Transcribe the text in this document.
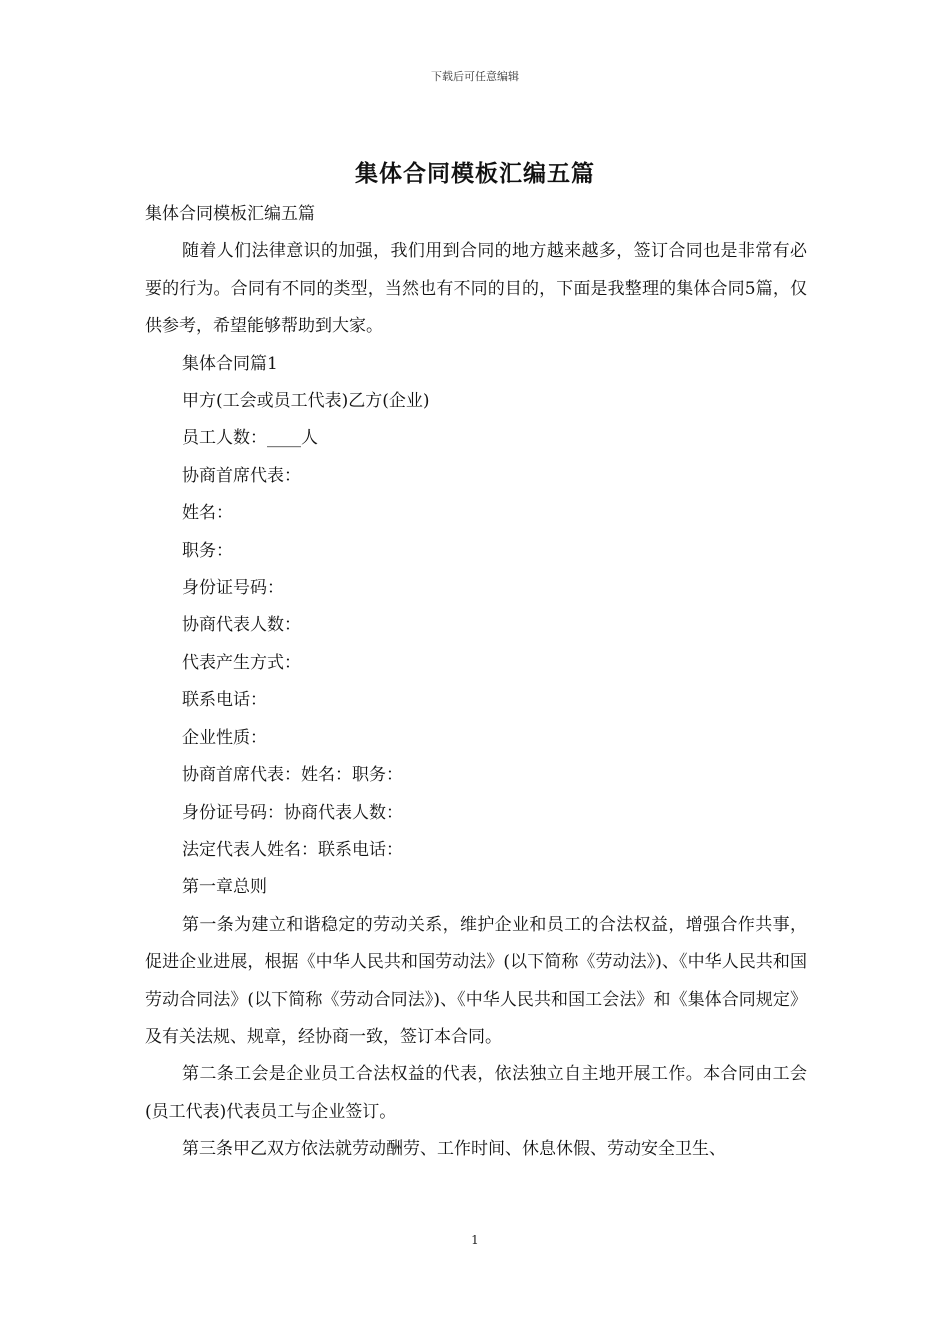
下载后可任意编辑
集体合同模板汇编五篇

集体合同模板汇编五篇

随着人们法律意识的加强，我们用到合同的地方越来越多，签订合同也是非常有必要的行为。合同有不同的类型，当然也有不同的目的，下面是我整理的集体合同5篇，仅供参考，希望能够帮助到大家。

集体合同篇1

甲方(工会或员工代表)乙方(企业)

员工人数：____人

协商首席代表：

姓名：

职务：

身份证号码：

协商代表人数：

代表产生方式：

联系电话：

企业性质：

协商首席代表：姓名：职务：

身份证号码：协商代表人数：

法定代表人姓名：联系电话：

第一章总则

第一条为建立和谐稳定的劳动关系，维护企业和员工的合法权益，增强合作共事，促进企业进展，根据《中华人民共和国劳动法》(以下简称《劳动法》)、《中华人民共和国劳动合同法》(以下简称《劳动合同法》)、《中华人民共和国工会法》和《集体合同规定》及有关法规、规章，经协商一致，签订本合同。

第二条工会是企业员工合法权益的代表，依法独立自主地开展工作。本合同由工会(员工代表)代表员工与企业签订。

第三条甲乙双方依法就劳动酬劳、工作时间、休息休假、劳动安全卫生、

1
